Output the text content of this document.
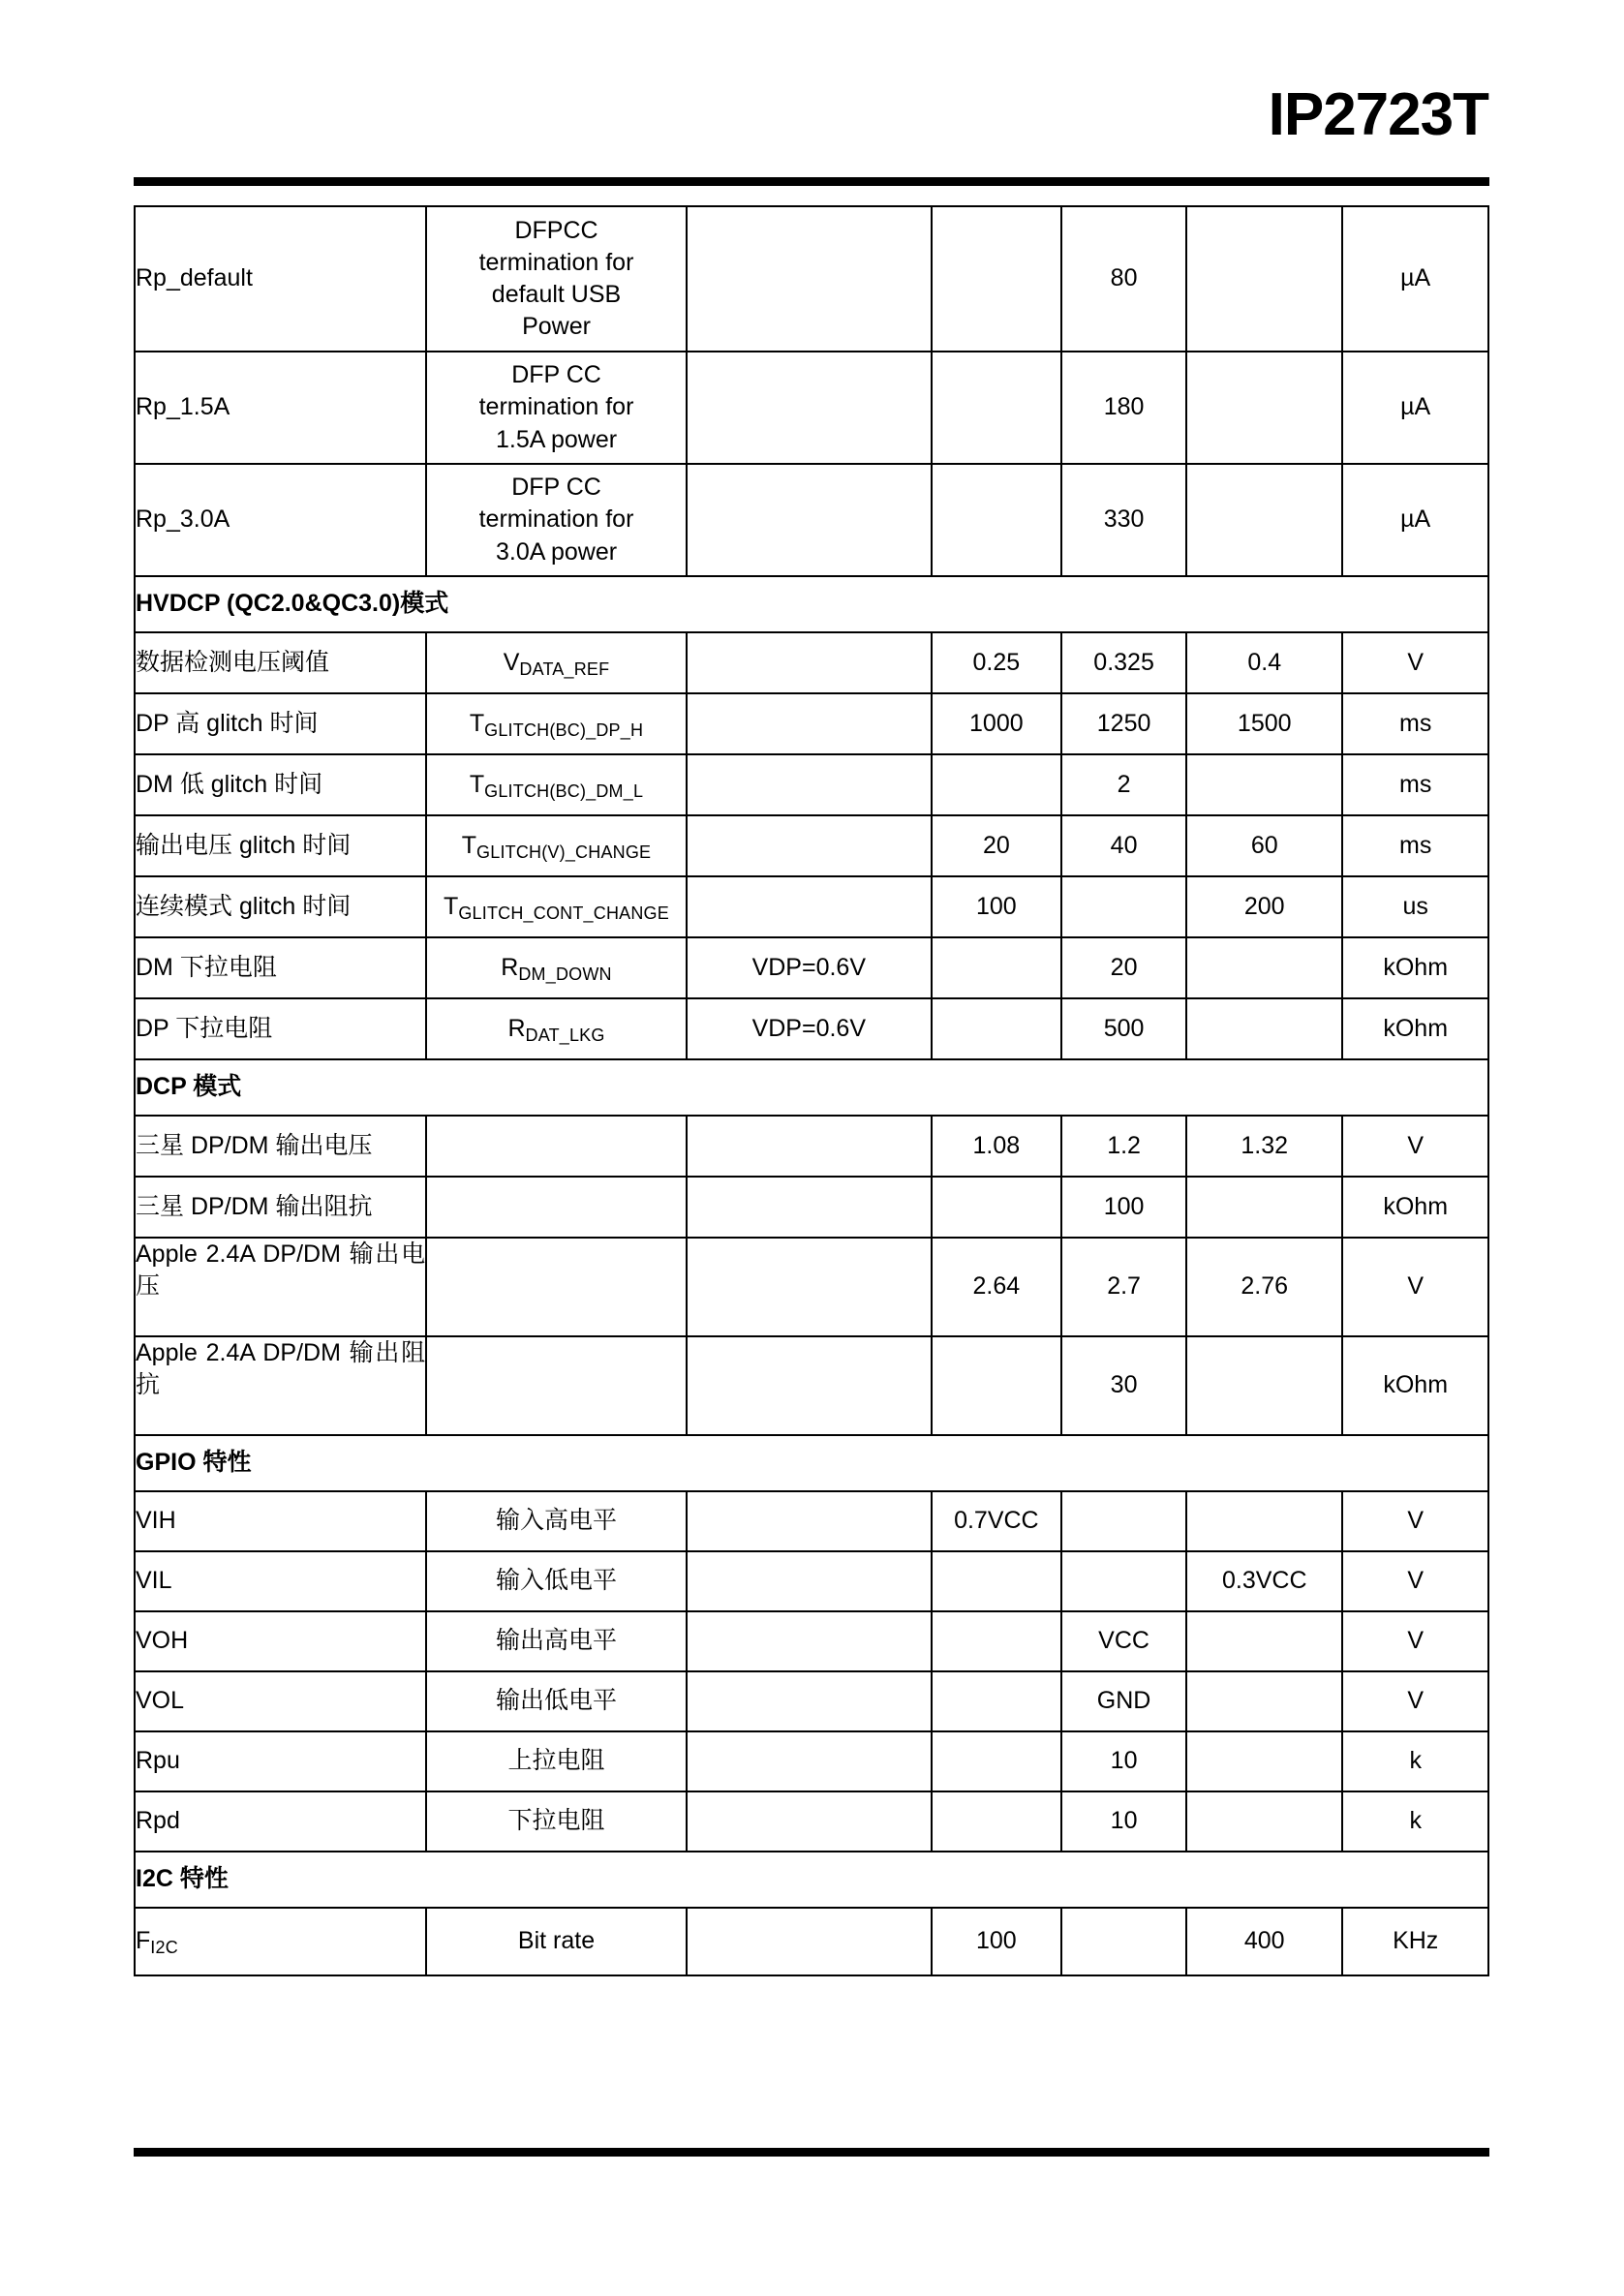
IP2723T
Rp_default	DFPCC
termination for
default USB
Power			80		µA
Rp_1.5A	DFP CC
termination for
1.5A power			180		µA
Rp_3.0A	DFP CC
termination for
3.0A power			330		µA
HVDCP (QC2.0&QC3.0)模式						
数据检测电压阈值	$V_{DATA\_REF}$		0.25	0.325	0.4	V
DP 高 glitch 时间	$T_{GLITCH(BC)\_DP\_H}$		1000	1250	1500	ms
DM 低 glitch 时间	$T_{GLITCH(BC)\_DM\_L}$			2		ms
输出电压 glitch 时间	$T_{GLITCH(V)\_CHANGE}$		20	40	60	ms
连续模式 glitch 时间	$T_{GLITCH\_CONT\_CHANGE}$		100		200	us
DM 下拉电阻	$R_{DM\_DOWN}$	VDP=0.6V		20		kOhm
DP 下拉电阻	$R_{DAT\_LKG}$	VDP=0.6V		500		kOhm
DCP 模式						
三星 DP/DM 输出电压			1.08	1.2	1.32	V
三星 DP/DM 输出阻抗				100		kOhm
Apple 2.4A DP/DM 输出电压			2.64	2.7	2.76	V
Apple 2.4A DP/DM 输出阻抗				30		kOhm
GPIO 特性						
VIH	输入高电平		0.7VCC			V
VIL	输入低电平				0.3VCC	V
VOH	输出高电平			VCC		V
VOL	输出低电平			GND		V
Rpu	上拉电阻			10		k
Rpd	下拉电阻			10		k
I2C 特性						
$F_{I2C}$	Bit rate		100		400	KHz
